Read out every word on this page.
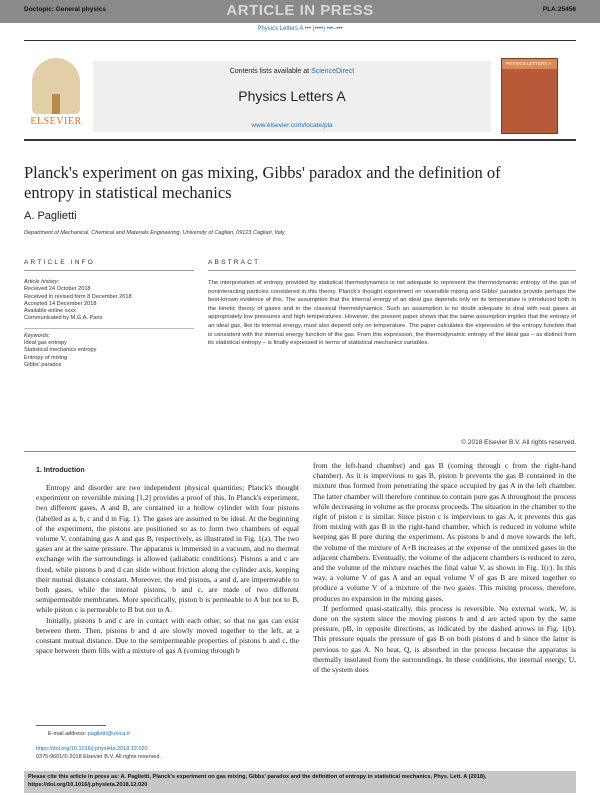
Doctopic: General physics	ARTICLE IN PRESS	PLA:25456
Physics Letters A ••• (••••) •••–•••
ELSEVIER
Contents lists available at ScienceDirect
Physics Letters A
www.elsevier.com/locate/pla
PHYSICS LETTERS A
Planck's experiment on gas mixing, Gibbs' paradox and the definition of entropy in statistical mechanics
A. Paglietti
Department of Mechanical, Chemical and Materials Engineering, University of Cagliari, 09123 Cagliari, Italy
ARTICLE INFO	ABSTRACT
Article history:
Received 24 October 2018
Received in revised form 8 December 2018
Accepted 14 December 2018
Available online xxxx
Communicated by M.G.A. Paris
Keywords:
Ideal gas entropy
Statistical mechanics entropy
Entropy of mixing
Gibbs' paradox
The interpretation of entropy provided by statistical thermodynamics is not adequate to represent the thermodynamic entropy of the gas of noninteracting particles considered in this theory. Planck's thought experiment on reversible mixing and Gibbs' paradox provide perhaps the best-known evidence of this. The assumption that the internal energy of an ideal gas depends only on its temperature is introduced both in the kinetic theory of gases and in the classical thermodynamics. Such an assumption is no doubt adequate to deal with real gases at appropriately low pressures and high temperatures. However, the present paper shows that the same assumption implies that the entropy of an ideal gas, like its internal energy, must also depend only on temperature. The paper calculates the expression of the entropy function that is consistent with the internal energy function of the gas. From this expression, the thermodynamic entropy of the ideal gas – as distinct from its statistical entropy – is finally expressed in terms of statistical mechanics variables.
© 2018 Elsevier B.V. All rights reserved.
1. Introduction

Entropy and disorder are two independent physical quantities; Planck's thought experiment on reversible mixing [1,2] provides a proof of this. In Planck's experiment, two different gases, A and B, are contained in a hollow cylinder with four pistons (labelled as a, b, c and d in Fig. 1). The gases are assumed to be ideal. At the beginning of the experiment, the pistons are positioned so as to form two chambers of equal volume V, containing gas A and gas B, respectively, as illustrated in Fig. 1(a). The two gases are at the same pressure. The apparatus is immersed in a vacuum, and no thermal exchange with the surroundings is allowed (adiabatic conditions). Pistons a and c are fixed, while pistons b and d can slide without friction along the cylinder axis, keeping their mutual distance constant. Moreover, the end pistons, a and d, are impermeable to both gases, while the internal pistons, b and c, are made of two different semipermeable membranes. More specifically, piston b is permeable to A but not to B, while piston c is permeable to B but not to A.

Initially, pistons b and c are in contact with each other, so that no gas can exist between them. Then, pistons b and d are slowly moved together to the left, at a constant mutual distance. Due to the semipermeable properties of pistons b and c, the space between them fills with a mixture of gas A (coming through b

from the left-hand chamber) and gas B (coming through c from the right-hand chamber). As it is impervious to gas B, piston b prevents the gas B contained in the mixture thus formed from penetrating the space occupied by gas A in the left chamber. The latter chamber will therefore continue to contain pure gas A throughout the process while decreasing in volume as the process proceeds. The situation in the chamber to the right of piston c is similar. Since piston c is impervious to gas A, it prevents this gas from mixing with gas B in the right-hand chamber, which is reduced in volume while keeping gas B pure during the experiment. As pistons b and d move towards the left, the volume of the mixture of A+B increases at the expense of the unmixed gases in the adjacent chambers. Eventually, the volume of the adjacent chambers is reduced to zero, and the volume of the mixture reaches the final value V, as shown in Fig. 1(c). In this way, a volume V of gas A and an equal volume V of gas B are mixed together to produce a volume V of a mixture of the two gases. This mixing process, therefore, produces no expansion in the mixing gases.

If performed quasi-statically, this process is reversible. No external work, W, is done on the system since the moving pistons b and d are acted upon by the same pressure, pB, in opposite directions, as indicated by the dashed arrows in Fig. 1(b). This pressure equals the pressure of gas B on both pistons d and b since the latter is pervious to gas A. No heat, Q, is absorbed in the process because the apparatus is thermally insulated from the surroundings. In these conditions, the internal energy, U, of the system does

E-mail address: paglietti@unica.it
https://doi.org/10.1016/j.physleta.2018.12.020
0375-9601/© 2018 Elsevier B.V. All rights reserved.
Please cite this article in press as: A. Paglietti, Planck's experiment on gas mixing, Gibbs' paradox and the definition of entropy in statistical mechanics, Phys. Lett. A (2018), https://doi.org/10.1016/j.physleta.2018.12.020
